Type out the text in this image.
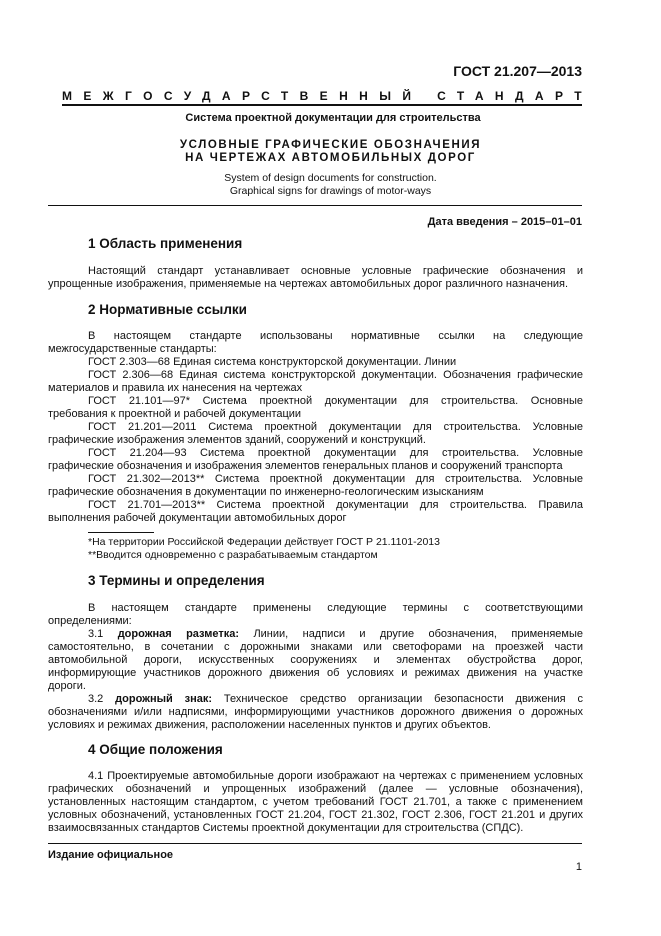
ГОСТ 21.207—2013
МЕЖГОСУДАРСТВЕННЫЙ СТАНДАРТ
Система проектной документации для строительства
УСЛОВНЫЕ ГРАФИЧЕСКИЕ ОБОЗНАЧЕНИЯ
НА ЧЕРТЕЖАХ АВТОМОБИЛЬНЫХ ДОРОГ
System of design documents for construction.
Graphical signs for drawings of motor-ways
Дата введения – 2015–01–01
1 Область применения
Настоящий стандарт устанавливает основные условные графические обозначения и
упрощенные изображения, применяемые на чертежах автомобильных дорог различного назначения.
2 Нормативные ссылки
В настоящем стандарте использованы нормативные ссылки на следующие
межгосударственные стандарты:
ГОСТ 2.303—68 Единая система конструкторской документации. Линии
ГОСТ 2.306—68 Единая система конструкторской документации. Обозначения графические
материалов и правила их нанесения на чертежах
ГОСТ 21.101—97* Система проектной документации для строительства. Основные
требования к проектной и рабочей документации
ГОСТ 21.201—2011 Система проектной документации для строительства. Условные
графические изображения элементов зданий, сооружений и конструкций.
ГОСТ 21.204—93 Система проектной документации для строительства. Условные
графические обозначения и изображения элементов генеральных планов и сооружений транспорта
ГОСТ 21.302—2013** Система проектной документации для строительства. Условные
графические обозначения в документации по инженерно-геологическим изысканиям
ГОСТ 21.701—2013** Система проектной документации для строительства. Правила
выполнения рабочей документации автомобильных дорог
*На территории Российской Федерации действует ГОСТ Р 21.1101-2013
**Вводится одновременно с разрабатываемым стандартом
3 Термины и определения
В настоящем стандарте применены следующие термины с соответствующими
определениями:
3.1 дорожная разметка: Линии, надписи и другие обозначения, применяемые
самостоятельно, в сочетании с дорожными знаками или светофорами на проезжей части
автомобильной дороги, искусственных сооружениях и элементах обустройства дорог,
информирующие участников дорожного движения об условиях и режимах движения на участке
дороги.
3.2 дорожный знак: Техническое средство организации безопасности движения с
обозначениями и/или надписями, информирующими участников дорожного движения о дорожных
условиях и режимах движения, расположении населенных пунктов и других объектов.
4 Общие положения
4.1 Проектируемые автомобильные дороги изображают на чертежах с применением условных
графических обозначений и упрощенных изображений (далее — условные обозначения),
установленных настоящим стандартом, с учетом требований ГОСТ 21.701, а также с применением
условных обозначений, установленных ГОСТ 21.204, ГОСТ 21.302, ГОСТ 2.306, ГОСТ 21.201 и других
взаимосвязанных стандартов Системы проектной документации для строительства (СПДС).
Издание официальное
1
